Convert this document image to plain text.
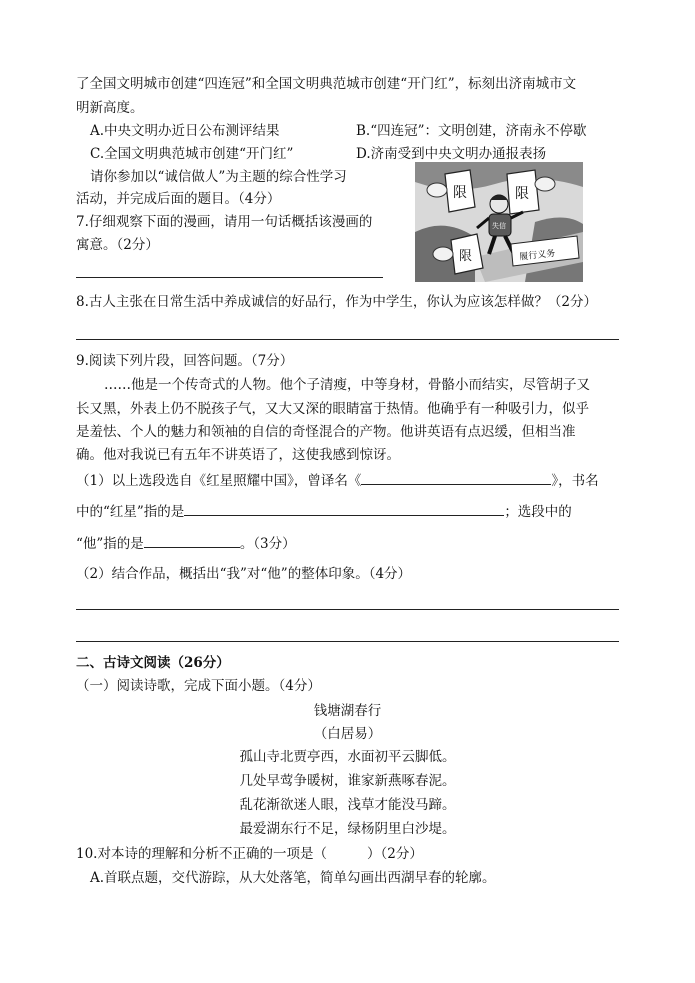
了全国文明城市创建“四连冠”和全国文明典范城市创建“开门红”，标刻出济南城市文
明新高度。
A.中央文明办近日公布测评结果	B.“四连冠”：文明创建，济南永不停歇
C.全国文明典范城市创建“开门红”	D.济南受到中央文明办通报表扬
请你参加以“诚信做人”为主题的综合性学习
活动，并完成后面的题目。（4分）
7.仔细观察下面的漫画，请用一句话概括该漫画的
寓意。（2分）
限	限
限
失信
履行义务
8.古人主张在日常生活中养成诚信的好品行，作为中学生，你认为应该怎样做？（2分）
9.阅读下列片段，回答问题。（7分）
……他是一个传奇式的人物。他个子清瘦，中等身材，骨骼小而结实，尽管胡子又
长又黑，外表上仍不脱孩子气，又大又深的眼睛富于热情。他确乎有一种吸引力，似乎
是羞怯、个人的魅力和领袖的自信的奇怪混合的产物。他讲英语有点迟缓，但相当准
确。他对我说已有五年不讲英语了，这使我感到惊讶。
（1）以上选段选自《红星照耀中国》，曾译名《	》，书名
中的“红星”指的是	；选段中的
“他”指的是	。（3分）
（2）结合作品，概括出“我”对“他”的整体印象。（4分）
二、古诗文阅读（26分）
（一）阅读诗歌，完成下面小题。（4分）
钱塘湖春行
（白居易）
孤山寺北贾亭西，水面初平云脚低。
几处早莺争暖树，谁家新燕啄春泥。
乱花渐欲迷人眼，浅草才能没马蹄。
最爱湖东行不足，绿杨阴里白沙堤。
10.对本诗的理解和分析不正确的一项是（	）（2分）
A.首联点题，交代游踪，从大处落笔，简单勾画出西湖早春的轮廓。
